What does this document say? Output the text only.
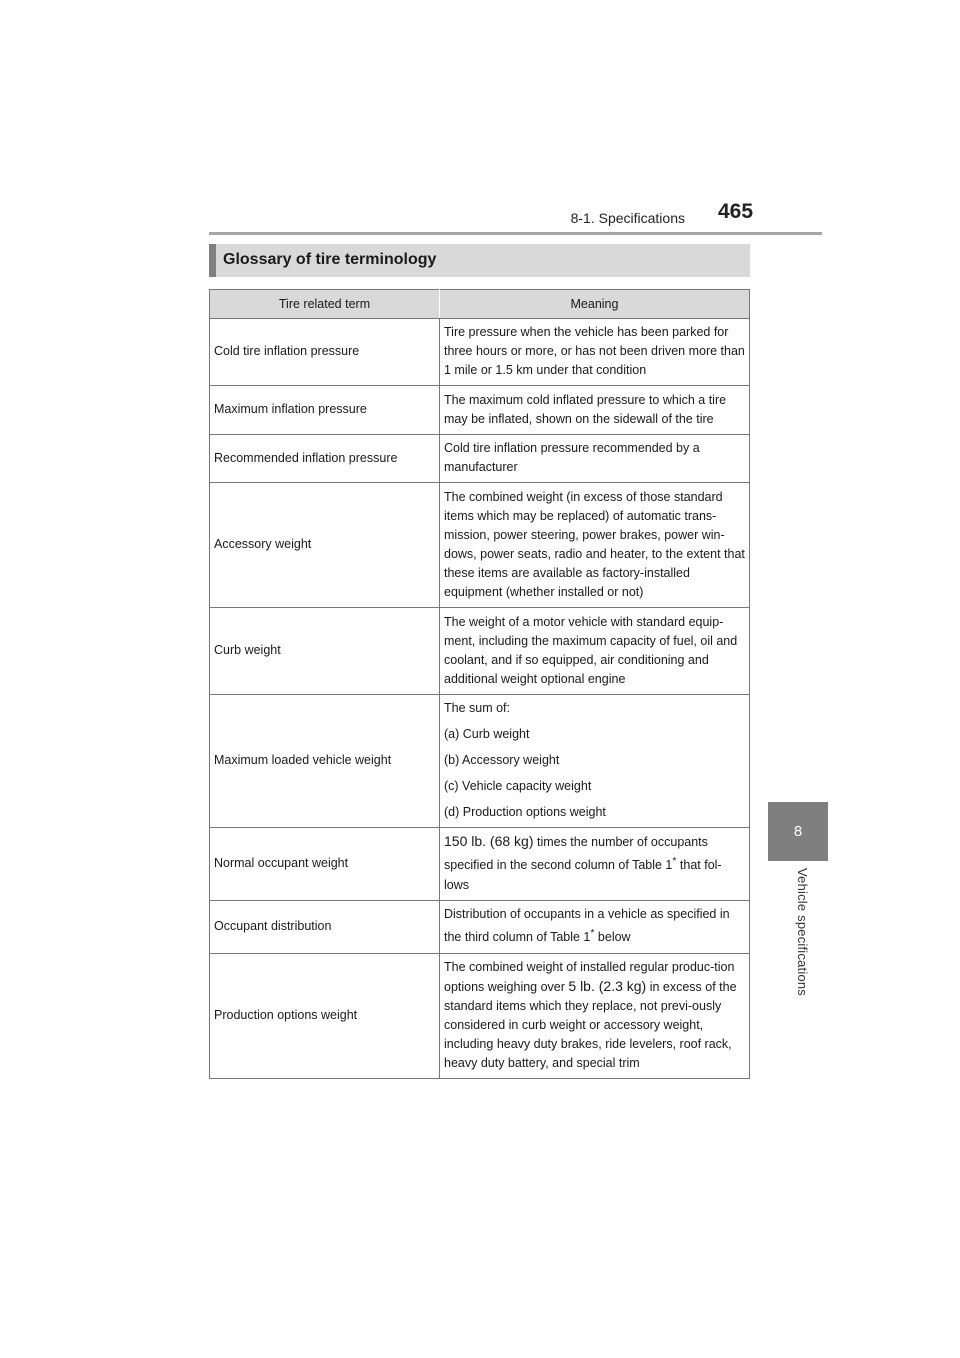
8-1. Specifications 465
8
Vehicle specifications
Glossary of tire terminology
Tire related term	Meaning
Cold tire inflation pressure	Tire pressure when the vehicle has been parked for three hours or more, or has not been driven more than 1 mile or 1.5 km under that condition
Maximum inflation pressure	The maximum cold inflated pressure to which a tire may be inflated, shown on the sidewall of the tire
Recommended inflation pressure	Cold tire inflation pressure recommended by a manufacturer
Accessory weight	The combined weight (in excess of those standard items which may be replaced) of automatic trans-mission, power steering, power brakes, power win-dows, power seats, radio and heater, to the extent that these items are available as factory-installed equipment (whether installed or not)
Curb weight	The weight of a motor vehicle with standard equip-ment, including the maximum capacity of fuel, oil and coolant, and if so equipped, air conditioning and additional weight optional engine
Maximum loaded vehicle weight	The sum of:
(a) Curb weight
(b) Accessory weight
(c) Vehicle capacity weight
(d) Production options weight

Normal occupant weight	150 lb. (68 kg) times the number of occupants specified in the second column of Table 1* that fol-lows
Occupant distribution	Distribution of occupants in a vehicle as specified in the third column of Table 1* below
Production options weight	The combined weight of installed regular produc-tion options weighing over 5 lb. (2.3 kg) in excess of the standard items which they replace, not previ-ously considered in curb weight or accessory weight, including heavy duty brakes, ride levelers, roof rack, heavy duty battery, and special trim
